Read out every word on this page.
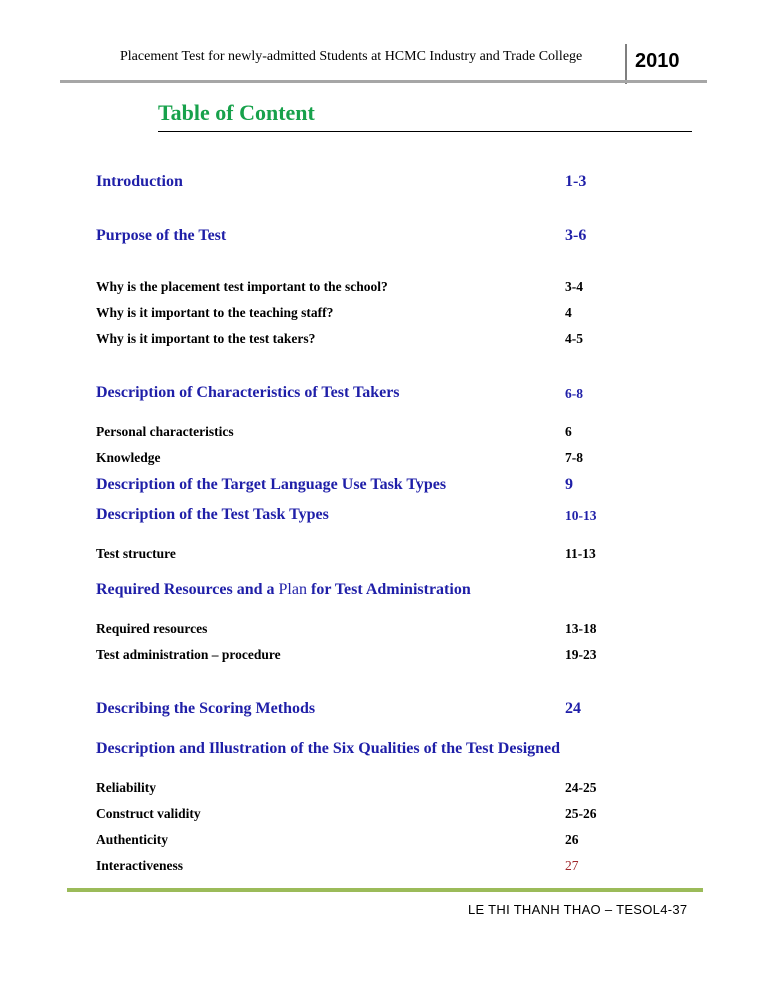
Placement Test for newly-admitted Students at HCMC Industry and Trade College	2010
Table of Content
Introduction	1-3
Purpose of the Test	3-6
Why is the placement test important to the school?	3-4
Why is it important to the teaching staff?	4
Why is it important to the test takers?	4-5
Description of Characteristics of Test Takers	6-8
Personal characteristics	6
Knowledge	7-8
Description of the Target Language Use Task Types	9
Description of the Test Task Types	10-13
Test structure	11-13
Required Resources and a Plan for Test Administration
Required resources	13-18
Test administration – procedure	19-23
Describing the Scoring Methods	24
Description and Illustration of the Six Qualities of the Test Designed
Reliability	24-25
Construct validity	25-26
Authenticity	26
Interactiveness	27
LE THI THANH THAO – TESOL4-37
